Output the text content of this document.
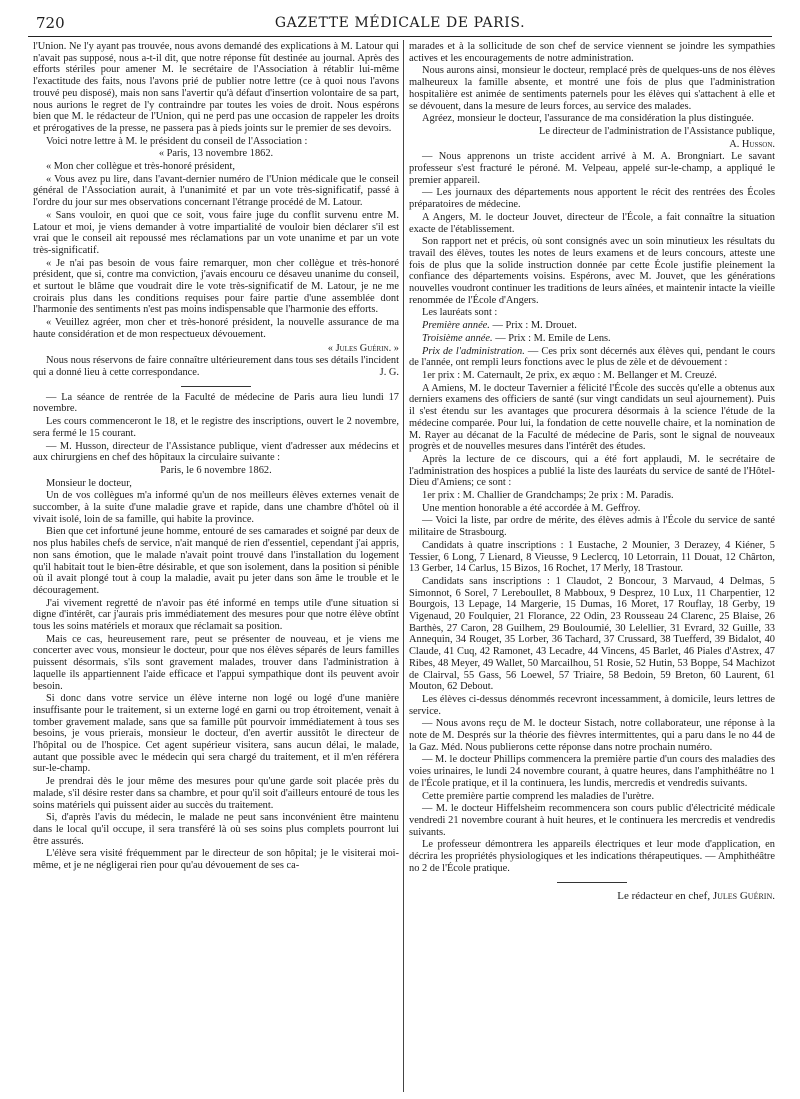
720	GAZETTE MÉDICALE DE PARIS.

l'Union. Ne l'y ayant pas trouvée, nous avons demandé des explications à M. Latour qui n'avait pas supposé, nous a-t-il dit, que notre réponse fût destinée au journal. Après des efforts stériles pour amener M. le secrétaire de l'Association à rétablir lui-même l'exactitude des faits, nous l'avons prié de publier notre lettre (ce à quoi nous l'avons trouvé peu disposé), mais non sans l'avertir qu'à défaut d'insertion volontaire de sa part, nous aurions le regret de l'y contraindre par toutes les voies de droit. Nous espérons bien que M. le rédacteur de l'Union, qui ne perd pas une occasion de rappeler les droits et prérogatives de la presse, ne passera pas à pieds joints sur le premier de ses devoirs.

Voici notre lettre à M. le président du conseil de l'Association :

« Paris, 13 novembre 1862.

« Mon cher collègue et très-honoré président,

« Vous avez pu lire, dans l'avant-dernier numéro de l'Union médicale que le conseil général de l'Association aurait, à l'unanimité et par un vote très-significatif, passé à l'ordre du jour sur mes observations concernant l'étrange procédé de M. Latour.

« Sans vouloir, en quoi que ce soit, vous faire juge du conflit survenu entre M. Latour et moi, je viens demander à votre impartialité de vouloir bien déclarer s'il est vrai que le conseil ait repoussé mes réclamations par un vote unanime et par un vote très-significatif.

« Je n'ai pas besoin de vous faire remarquer, mon cher collègue et très-honoré président, que si, contre ma conviction, j'avais encouru ce désaveu unanime du conseil, et surtout le blâme que voudrait dire le vote très-significatif de M. Latour, je ne me croirais plus dans les conditions requises pour faire partie d'une assemblée dont l'harmonie des sentiments n'est pas moins indispensable que l'harmonie des efforts.

« Veuillez agréer, mon cher et très-honoré président, la nouvelle assurance de ma haute considération et de mon respectueux dévouement.

« Jules Guérin. »

Nous nous réservons de faire connaître ultérieurement dans tous ses détails l'incident qui a donné lieu à cette correspondance.	J. G.

— La séance de rentrée de la Faculté de médecine de Paris aura lieu lundi 17 novembre.

Les cours commenceront le 18, et le registre des inscriptions, ouvert le 2 novembre, sera fermé le 15 courant.

— M. Husson, directeur de l'Assistance publique, vient d'adresser aux médecins et aux chirurgiens en chef des hôpitaux la circulaire suivante :

Paris, le 6 novembre 1862.

Monsieur le docteur,

Un de vos collègues m'a informé qu'un de nos meilleurs élèves externes venait de succomber, à la suite d'une maladie grave et rapide, dans une chambre d'hôtel où il vivait isolé, loin de sa famille, qui habite la province.

Bien que cet infortuné jeune homme, entouré de ses camarades et soigné par deux de nos plus habiles chefs de service, n'ait manqué de rien d'essentiel, cependant j'ai appris, non sans émotion, que le malade n'avait point trouvé dans l'installation du logement qu'il habitait tout le bien-être désirable, et que son isolement, dans la position si pénible où il avait plongé tout à coup la maladie, avait pu jeter dans son âme le trouble et le découragement.

J'ai vivement regretté de n'avoir pas été informé en temps utile d'une situation si digne d'intérêt, car j'aurais pris immédiatement des mesures pour que notre élève obtînt tous les soins matériels et moraux que réclamait sa position.

Mais ce cas, heureusement rare, peut se présenter de nouveau, et je viens me concerter avec vous, monsieur le docteur, pour que nos élèves séparés de leurs familles puissent désormais, s'ils sont gravement malades, trouver dans l'administration à laquelle ils appartiennent l'aide efficace et l'appui sympathique dont ils peuvent avoir besoin.

Si donc dans votre service un élève interne non logé ou logé d'une manière insuffisante pour le traitement, si un externe logé en garni ou trop étroitement, venait à tomber gravement malade, sans que sa famille pût pourvoir immédiatement à tous ses besoins, je vous prierais, monsieur le docteur, d'en avertir aussitôt le directeur de l'hôpital ou de l'hospice. Cet agent supérieur visitera, sans aucun délai, le malade, autant que possible avec le médecin qui sera chargé du traitement, et il m'en référera sur-le-champ.

Je prendrai dès le jour même des mesures pour qu'une garde soit placée près du malade, s'il désire rester dans sa chambre, et pour qu'il soit d'ailleurs entouré de tous les soins matériels qui puissent aider au succès du traitement.

Si, d'après l'avis du médecin, le malade ne peut sans inconvénient être maintenu dans le local qu'il occupe, il sera transféré là où ses soins plus complets pourront lui être assurés.

L'élève sera visité fréquemment par le directeur de son hôpital; je le visiterai moi-même, et je ne négligerai rien pour qu'au dévouement de ses ca-

marades et à la sollicitude de son chef de service viennent se joindre les sympathies actives et les encouragements de notre administration.

Nous aurons ainsi, monsieur le docteur, remplacé près de quelques-uns de nos élèves malheureux la famille absente, et montré une fois de plus que l'administration hospitalière est animée de sentiments paternels pour les élèves qui s'attachent à elle et se dévouent, dans la mesure de leurs forces, au service des malades.

Agréez, monsieur le docteur, l'assurance de ma considération la plus distinguée.

Le directeur de l'administration de l'Assistance publique,

A. Husson.

— Nous apprenons un triste accident arrivé à M. A. Brongniart. Le savant professeur s'est fracturé le péroné. M. Velpeau, appelé sur-le-champ, a appliqué le premier appareil.

— Les journaux des départements nous apportent le récit des rentrées des Écoles préparatoires de médecine.

A Angers, M. le docteur Jouvet, directeur de l'École, a fait connaître la situation exacte de l'établissement.

Son rapport net et précis, où sont consignés avec un soin minutieux les résultats du travail des élèves, toutes les notes de leurs examens et de leurs concours, atteste une fois de plus que la solide instruction donnée par cette École justifie pleinement la confiance des départements voisins. Espérons, avec M. Jouvet, que les générations nouvelles voudront continuer les traditions de leurs aînées, et maintenir intacte la vieille renommée de l'École d'Angers.

Les lauréats sont :

Première année. — Prix : M. Drouet.

Troisième année. — Prix : M. Emile de Lens.

Prix de l'administration. — Ces prix sont décernés aux élèves qui, pendant le cours de l'année, ont rempli leurs fonctions avec le plus de zèle et de dévouement :

1er prix : M. Caternault, 2e prix, ex æquo : M. Bellanger et M. Creuzé.

A Amiens, M. le docteur Tavernier a félicité l'École des succès qu'elle a obtenus aux derniers examens des officiers de santé (sur vingt candidats un seul ajournement). Puis il s'est étendu sur les avantages que procurera désormais à la science l'étude de la médecine comparée. Pour lui, la fondation de cette nouvelle chaire, et la nomination de M. Rayer au décanat de la Faculté de médecine de Paris, sont le signal de nouveaux progrès et de nouvelles mesures dans l'intérêt des études.

Après la lecture de ce discours, qui a été fort applaudi, M. le secrétaire de l'administration des hospices a publié la liste des lauréats du service de santé de l'Hôtel-Dieu d'Amiens; ce sont :

1er prix : M. Challier de Grandchamps; 2e prix : M. Paradis.

Une mention honorable a été accordée à M. Geffroy.

— Voici la liste, par ordre de mérite, des élèves admis à l'École du service de santé militaire de Strasbourg.

Candidats à quatre inscriptions : 1 Eustache, 2 Mounier, 3 Derazey, 4 Kiéner, 5 Tessier, 6 Long, 7 Lienard, 8 Vieusse, 9 Leclercq, 10 Letorrain, 11 Douat, 12 Chârton, 13 Gerber, 14 Carlus, 15 Bizos, 16 Rochet, 17 Merly, 18 Trastour.

Candidats sans inscriptions : 1 Claudot, 2 Boncour, 3 Marvaud, 4 Delmas, 5 Simonnot, 6 Sorel, 7 Lereboullet, 8 Mabboux, 9 Desprez, 10 Lux, 11 Charpentier, 12 Bourgois, 13 Lepage, 14 Margerie, 15 Dumas, 16 Moret, 17 Rouflay, 18 Gerby, 19 Vigenaud, 20 Foulquier, 21 Florance, 22 Odin, 23 Rousseau 24 Clarenc, 25 Blaise, 26 Barthès, 27 Caron, 28 Guilhem, 29 Bouloumié, 30 Lelellier, 31 Evrard, 32 Guille, 33 Annequin, 34 Rouget, 35 Lorber, 36 Tachard, 37 Crussard, 38 Tuefferd, 39 Bidalot, 40 Claude, 41 Cuq, 42 Ramonet, 43 Lecadre, 44 Vincens, 45 Barlet, 46 Piales d'Astrex, 47 Ribes, 48 Meyer, 49 Wallet, 50 Marcailhou, 51 Rosie, 52 Hutin, 53 Boppe, 54 Machizot de Clairval, 55 Gass, 56 Loewel, 57 Triaire, 58 Bedoin, 59 Breton, 60 Laurent, 61 Mouton, 62 Debout.

Les élèves ci-dessus dénommés recevront incessamment, à domicile, leurs lettres de service.

— Nous avons reçu de M. le docteur Sistach, notre collaborateur, une réponse à la note de M. Després sur la théorie des fièvres intermittentes, qui a paru dans le no 44 de la Gaz. Méd. Nous publierons cette réponse dans notre prochain numéro.

— M. le docteur Phillips commencera la première partie d'un cours des maladies des voies urinaires, le lundi 24 novembre courant, à quatre heures, dans l'amphithéâtre no 1 de l'École pratique, et il la continuera, les lundis, mercredis et vendredis suivants.

Cette première partie comprend les maladies de l'urètre.

— M. le docteur Hiffelsheim recommencera son cours public d'électricité médicale vendredi 21 novembre courant à huit heures, et le continuera les mercredis et vendredis suivants.

Le professeur démontrera les appareils électriques et leur mode d'application, en décrira les propriétés physiologiques et les indications thérapeutiques. — Amphithéâtre no 2 de l'École pratique.

Le rédacteur en chef, Jules Guérin.
